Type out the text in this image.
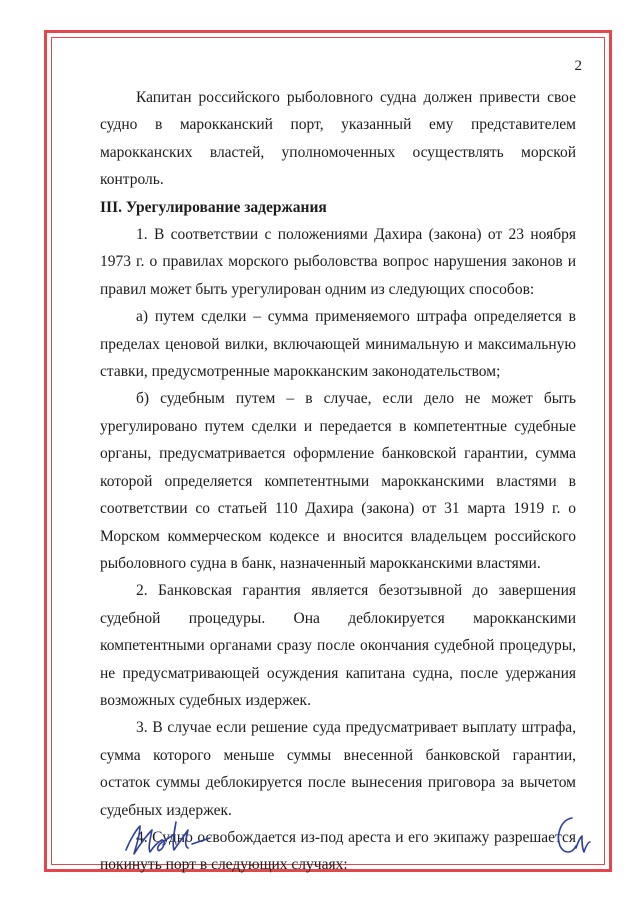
2

Капитан российского рыболовного судна должен привести свое судно в марокканский порт, указанный ему представителем марокканских властей, уполномоченных осуществлять морской контроль.

III. Урегулирование задержания

1. В соответствии с положениями Дахира (закона) от 23 ноября 1973 г. о правилах морского рыболовства вопрос нарушения законов и правил может быть урегулирован одним из следующих способов:

а) путем сделки – сумма применяемого штрафа определяется в пределах ценовой вилки, включающей минимальную и максимальную ставки, предусмотренные марокканским законодательством;

б) судебным путем – в случае, если дело не может быть урегулировано путем сделки и передается в компетентные судебные органы, предусматривается оформление банковской гарантии, сумма которой определяется компетентными марокканскими властями в соответствии со статьей 110 Дахира (закона) от 31 марта 1919 г. о Морском коммерческом кодексе и вносится владельцем российского рыболовного судна в банк, назначенный марокканскими властями.

2. Банковская гарантия является безотзывной до завершения судебной процедуры. Она деблокируется марокканскими компетентными органами сразу после окончания судебной процедуры, не предусматривающей осуждения капитана судна, после удержания возможных судебных издержек.

3. В случае если решение суда предусматривает выплату штрафа, сумма которого меньше суммы внесенной банковской гарантии, остаток суммы деблокируется после вынесения приговора за вычетом судебных издержек.

4. Судно освобождается из-под ареста и его экипажу разрешается покинуть порт в следующих случаях:
